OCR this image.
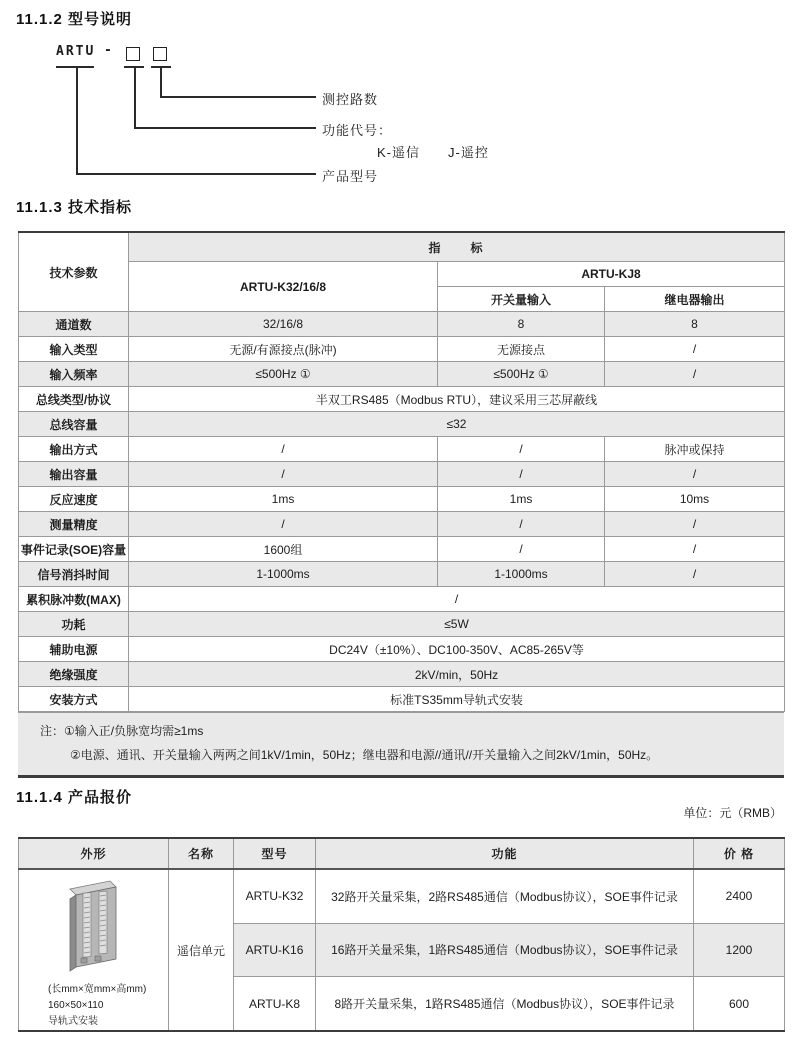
11.1.2 型号说明
ARTU -
测控路数
功能代号：
K-遥信 J-遥控
产品型号
11.1.3 技术指标
技术参数	指　　标		
	ARTU-K32/16/8	ARTU-KJ8	
		开关量输入	继电器输出
通道数	32/16/8	8	8
输入类型	无源/有源接点(脉冲)	无源接点	/
输入频率	≤500Hz ①	≤500Hz ①	/
总线类型/协议	半双工RS485（Modbus RTU），建议采用三芯屏蔽线		
总线容量	≤32		
输出方式	/	/	脉冲或保持
输出容量	/	/	/
反应速度	1ms	1ms	10ms
测量精度	/	/	/
事件记录(SOE)容量	1600组	/	/
信号消抖时间	1-1000ms	1-1000ms	/
累积脉冲数(MAX)	/		
功耗	≤5W		
辅助电源	DC24V（±10%）、DC100-350V、AC85-265V等		
绝缘强度	2kV/min，50Hz		
安装方式	标准TS35mm导轨式安装		
注：①输入正/负脉宽均需≥1ms
②电源、通讯、开关量输入两两之间1kV/1min，50Hz；继电器和电源//通讯//开关量输入之间2kV/1min，50Hz。
11.1.4 产品报价
单位：元（RMB）
外形	名称	型号	功能	价 格

(长mm×宽mm×高mm)
160×50×110
导轨式安装	遥信单元	ARTU-K32	32路开关量采集，2路RS485通信（Modbus协议），SOE事件记录	2400
		ARTU-K16	16路开关量采集，1路RS485通信（Modbus协议），SOE事件记录	1200
		ARTU-K8	8路开关量采集，1路RS485通信（Modbus协议），SOE事件记录	600
